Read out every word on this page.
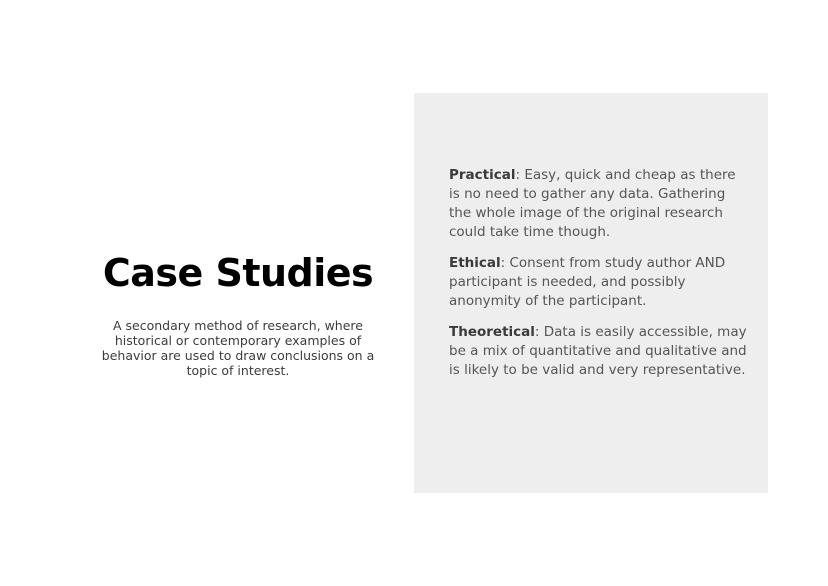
Case Studies
A secondary method of research, where historical or contemporary examples of behavior are used to draw conclusions on a topic of interest.

Practical: Easy, quick and cheap as there is no need to gather any data. Gathering the whole image of the original research could take time though.

Ethical: Consent from study author AND participant is needed, and possibly anonymity of the participant.

Theoretical: Data is easily accessible, may be a mix of quantitative and qualitative and is likely to be valid and very representative.
